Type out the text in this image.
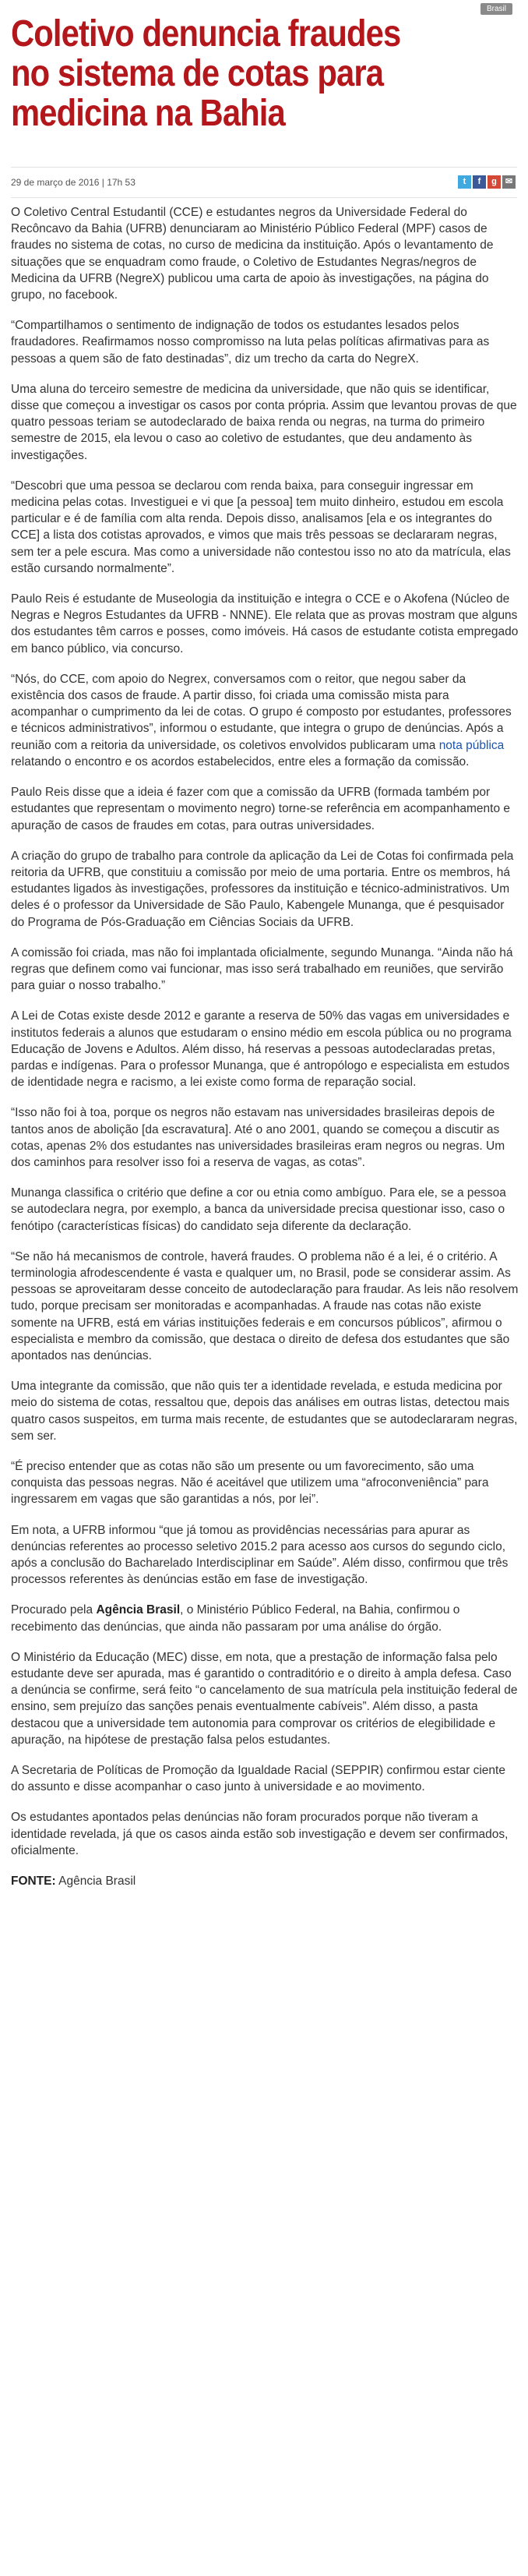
Brasil
Coletivo denuncia fraudes no sistema de cotas para medicina na Bahia
29 de março de 2016 | 17h 53	t	f	g	✉

O Coletivo Central Estudantil (CCE) e estudantes negros da Universidade Federal do Recôncavo da Bahia (UFRB) denunciaram ao Ministério Público Federal (MPF) casos de fraudes no sistema de cotas, no curso de medicina da instituição. Após o levantamento de situações que se enquadram como fraude, o Coletivo de Estudantes Negras/negros de Medicina da UFRB (NegreX) publicou uma carta de apoio às investigações, na página do grupo, no facebook.

“Compartilhamos o sentimento de indignação de todos os estudantes lesados pelos fraudadores. Reafirmamos nosso compromisso na luta pelas políticas afirmativas para as pessoas a quem são de fato destinadas”, diz um trecho da carta do NegreX.

Uma aluna do terceiro semestre de medicina da universidade, que não quis se identificar, disse que começou a investigar os casos por conta própria. Assim que levantou provas de que quatro pessoas teriam se autodeclarado de baixa renda ou negras, na turma do primeiro semestre de 2015, ela levou o caso ao coletivo de estudantes, que deu andamento às investigações.

“Descobri que uma pessoa se declarou com renda baixa, para conseguir ingressar em medicina pelas cotas. Investiguei e vi que [a pessoa] tem muito dinheiro, estudou em escola particular e é de família com alta renda. Depois disso, analisamos [ela e os integrantes do CCE] a lista dos cotistas aprovados, e vimos que mais três pessoas se declararam negras, sem ter a pele escura. Mas como a universidade não contestou isso no ato da matrícula, elas estão cursando normalmente”.

Paulo Reis é estudante de Museologia da instituição e integra o CCE e o Akofena (Núcleo de Negras e Negros Estudantes da UFRB - NNNE). Ele relata que as provas mostram que alguns dos estudantes têm carros e posses, como imóveis. Há casos de estudante cotista empregado em banco público, via concurso.

“Nós, do CCE, com apoio do Negrex, conversamos com o reitor, que negou saber da existência dos casos de fraude. A partir disso, foi criada uma comissão mista para acompanhar o cumprimento da lei de cotas. O grupo é composto por estudantes, professores e técnicos administrativos”, informou o estudante, que integra o grupo de denúncias. Após a reunião com a reitoria da universidade, os coletivos envolvidos publicaram uma nota pública relatando o encontro e os acordos estabelecidos, entre eles a formação da comissão.

Paulo Reis disse que a ideia é fazer com que a comissão da UFRB (formada também por estudantes que representam o movimento negro) torne-se referência em acompanhamento e apuração de casos de fraudes em cotas, para outras universidades.

A criação do grupo de trabalho para controle da aplicação da Lei de Cotas foi confirmada pela reitoria da UFRB, que constituiu a comissão por meio de uma portaria. Entre os membros, há estudantes ligados às investigações, professores da instituição e técnico-administrativos. Um deles é o professor da Universidade de São Paulo, Kabengele Munanga, que é pesquisador do Programa de Pós-Graduação em Ciências Sociais da UFRB.

A comissão foi criada, mas não foi implantada oficialmente, segundo Munanga. “Ainda não há regras que definem como vai funcionar, mas isso será trabalhado em reuniões, que servirão para guiar o nosso trabalho.”

A Lei de Cotas existe desde 2012 e garante a reserva de 50% das vagas em universidades e institutos federais a alunos que estudaram o ensino médio em escola pública ou no programa Educação de Jovens e Adultos. Além disso, há reservas a pessoas autodeclaradas pretas, pardas e indígenas. Para o professor Munanga, que é antropólogo e especialista em estudos de identidade negra e racismo, a lei existe como forma de reparação social.

“Isso não foi à toa, porque os negros não estavam nas universidades brasileiras depois de tantos anos de abolição [da escravatura]. Até o ano 2001, quando se começou a discutir as cotas, apenas 2% dos estudantes nas universidades brasileiras eram negros ou negras. Um dos caminhos para resolver isso foi a reserva de vagas, as cotas”.

Munanga classifica o critério que define a cor ou etnia como ambíguo. Para ele, se a pessoa se autodeclara negra, por exemplo, a banca da universidade precisa questionar isso, caso o fenótipo (características físicas) do candidato seja diferente da declaração.

“Se não há mecanismos de controle, haverá fraudes. O problema não é a lei, é o critério. A terminologia afrodescendente é vasta e qualquer um, no Brasil, pode se considerar assim. As pessoas se aproveitaram desse conceito de autodeclaração para fraudar. As leis não resolvem tudo, porque precisam ser monitoradas e acompanhadas. A fraude nas cotas não existe somente na UFRB, está em várias instituições federais e em concursos públicos”, afirmou o especialista e membro da comissão, que destaca o direito de defesa dos estudantes que são apontados nas denúncias.

Uma integrante da comissão, que não quis ter a identidade revelada, e estuda medicina por meio do sistema de cotas, ressaltou que, depois das análises em outras listas, detectou mais quatro casos suspeitos, em turma mais recente, de estudantes que se autodeclararam negras, sem ser.

“É preciso entender que as cotas não são um presente ou um favorecimento, são uma conquista das pessoas negras. Não é aceitável que utilizem uma “afroconveniência” para ingressarem em vagas que são garantidas a nós, por lei”.

Em nota, a UFRB informou “que já tomou as providências necessárias para apurar as denúncias referentes ao processo seletivo 2015.2 para acesso aos cursos do segundo ciclo, após a conclusão do Bacharelado Interdisciplinar em Saúde”. Além disso, confirmou que três processos referentes às denúncias estão em fase de investigação.

Procurado pela Agência Brasil, o Ministério Público Federal, na Bahia, confirmou o recebimento das denúncias, que ainda não passaram por uma análise do órgão.

O Ministério da Educação (MEC) disse, em nota, que a prestação de informação falsa pelo estudante deve ser apurada, mas é garantido o contraditório e o direito à ampla defesa. Caso a denúncia se confirme, será feito “o cancelamento de sua matrícula pela instituição federal de ensino, sem prejuízo das sanções penais eventualmente cabíveis”. Além disso, a pasta destacou que a universidade tem autonomia para comprovar os critérios de elegibilidade e apuração, na hipótese de prestação falsa pelos estudantes.

A Secretaria de Políticas de Promoção da Igualdade Racial (SEPPIR) confirmou estar ciente do assunto e disse acompanhar o caso junto à universidade e ao movimento.

Os estudantes apontados pelas denúncias não foram procurados porque não tiveram a identidade revelada, já que os casos ainda estão sob investigação e devem ser confirmados, oficialmente.

FONTE: Agência Brasil
